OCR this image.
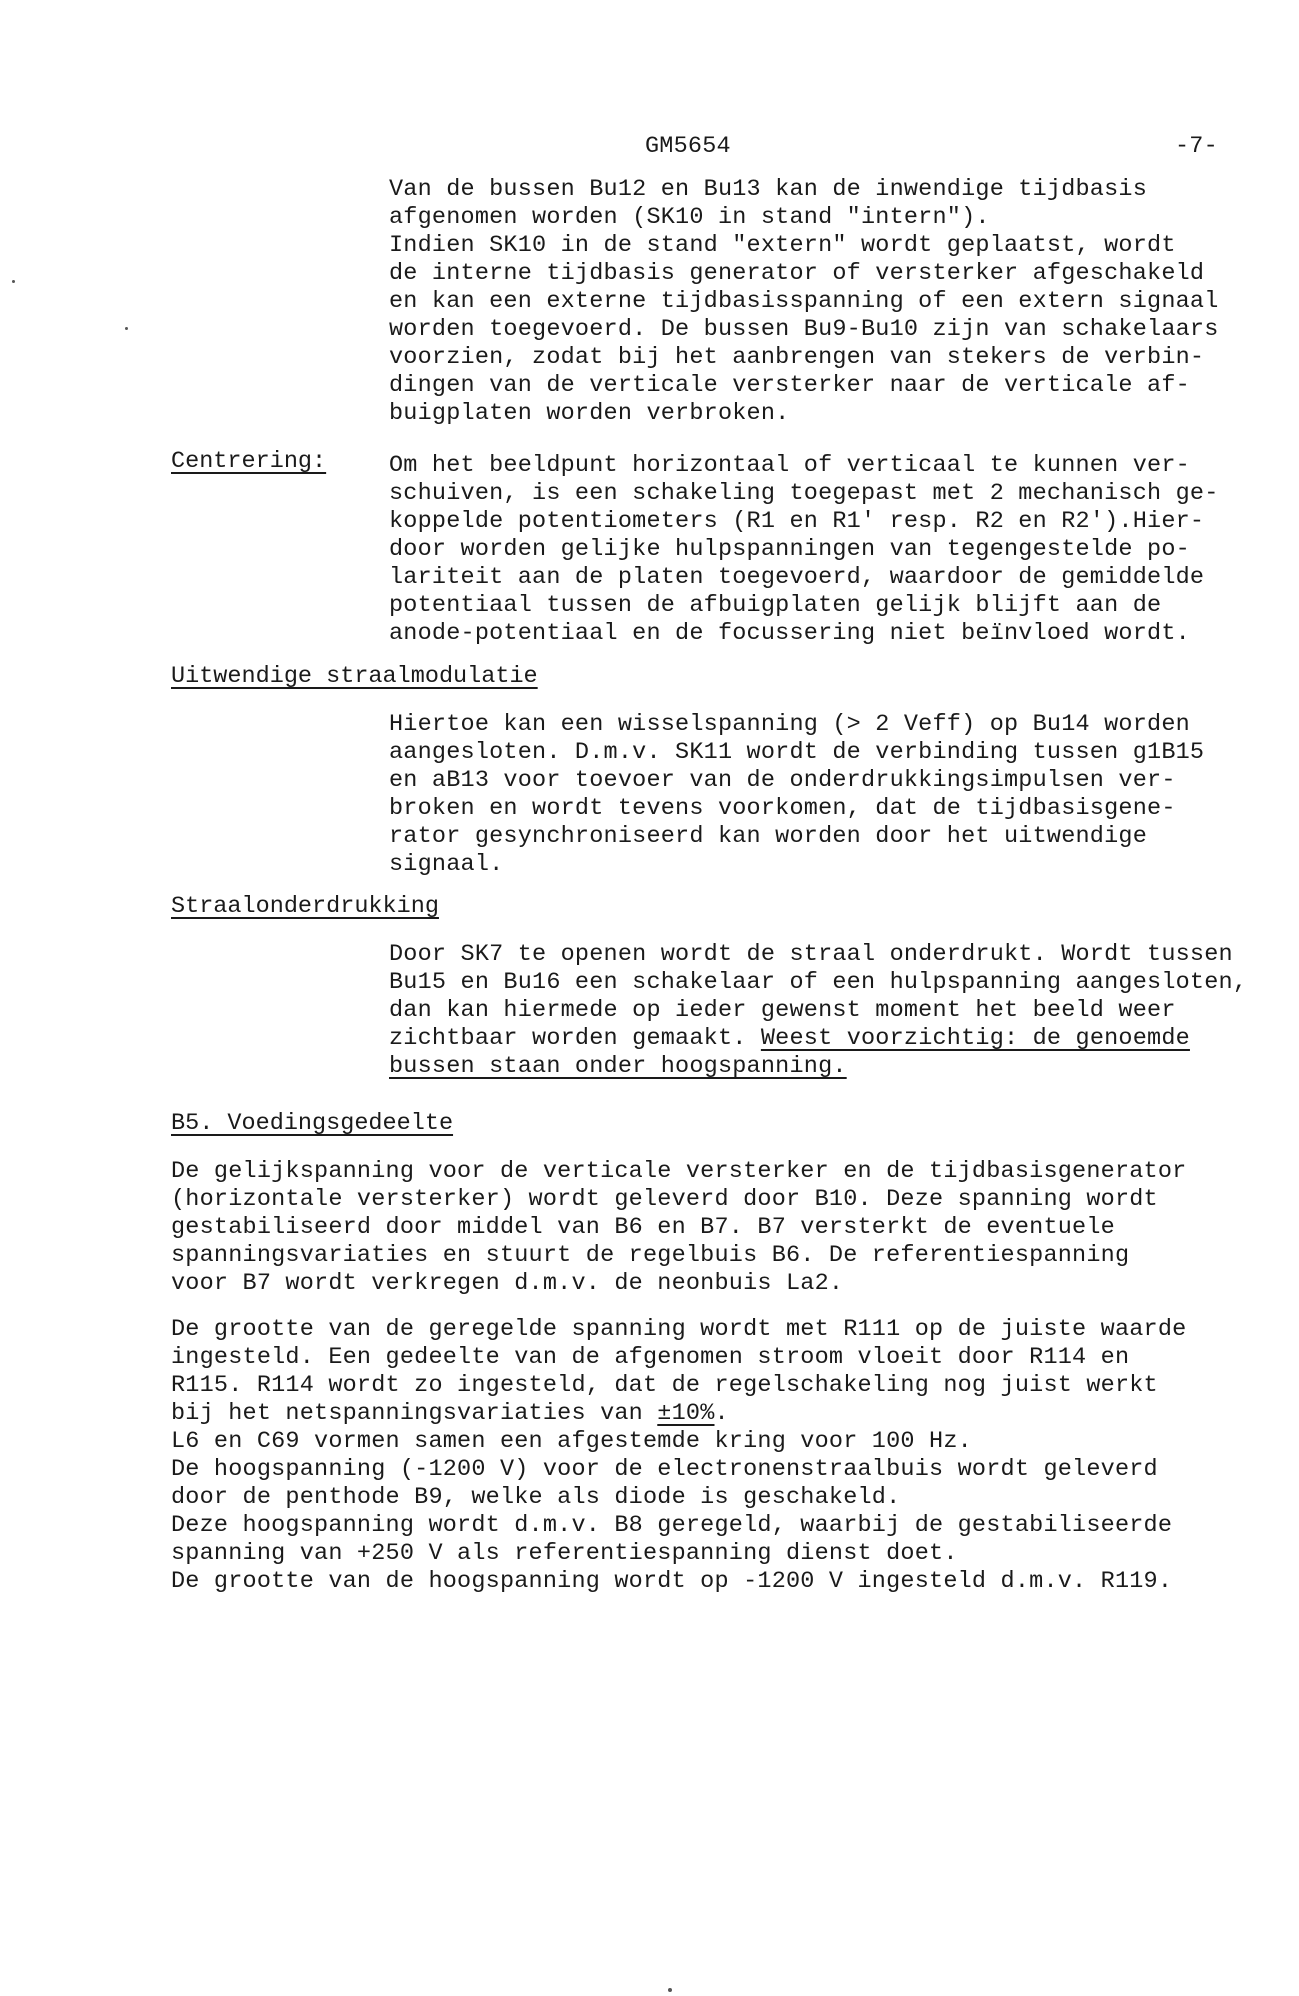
GM5654	-7-
Van de bussen Bu12 en Bu13 kan de inwendige tijdbasis
afgenomen worden (SK10 in stand "intern").
Indien SK10 in de stand "extern" wordt geplaatst, wordt
de interne tijdbasis generator of versterker afgeschakeld
en kan een externe tijdbasisspanning of een extern signaal
worden toegevoerd. De bussen Bu9-Bu10 zijn van schakelaars
voorzien, zodat bij het aanbrengen van stekers de verbin-
dingen van de verticale versterker naar de verticale af-
buigplaten worden verbroken.
Centrering:	Om het beeldpunt horizontaal of verticaal te kunnen ver-
schuiven, is een schakeling toegepast met 2 mechanisch ge-
koppelde potentiometers (R1 en R1' resp. R2 en R2').Hier-
door worden gelijke hulpspanningen van tegengestelde po-
lariteit aan de platen toegevoerd, waardoor de gemiddelde
potentiaal tussen de afbuigplaten gelijk blijft aan de
anode-potentiaal en de focussering niet beïnvloed wordt.
Uitwendige straalmodulatie
Hiertoe kan een wisselspanning (> 2 Veff) op Bu14 worden
aangesloten. D.m.v. SK11 wordt de verbinding tussen g1B15
en aB13 voor toevoer van de onderdrukkingsimpulsen ver-
broken en wordt tevens voorkomen, dat de tijdbasisgene-
rator gesynchroniseerd kan worden door het uitwendige
signaal.
Straalonderdrukking
Door SK7 te openen wordt de straal onderdrukt. Wordt tussen
Bu15 en Bu16 een schakelaar of een hulpspanning aangesloten,
dan kan hiermede op ieder gewenst moment het beeld weer
zichtbaar worden gemaakt. Weest voorzichtig: de genoemde
bussen staan onder hoogspanning.
B5. Voedingsgedeelte
De gelijkspanning voor de verticale versterker en de tijdbasisgenerator
(horizontale versterker) wordt geleverd door B10. Deze spanning wordt
gestabiliseerd door middel van B6 en B7. B7 versterkt de eventuele
spanningsvariaties en stuurt de regelbuis B6. De referentiespanning
voor B7 wordt verkregen d.m.v. de neonbuis La2.
De grootte van de geregelde spanning wordt met R111 op de juiste waarde
ingesteld. Een gedeelte van de afgenomen stroom vloeit door R114 en
R115. R114 wordt zo ingesteld, dat de regelschakeling nog juist werkt
bij het netspanningsvariaties van ±10%.
L6 en C69 vormen samen een afgestemde kring voor 100 Hz.
De hoogspanning (-1200 V) voor de electronenstraalbuis wordt geleverd
door de penthode B9, welke als diode is geschakeld.
Deze hoogspanning wordt d.m.v. B8 geregeld, waarbij de gestabiliseerde
spanning van +250 V als referentiespanning dienst doet.
De grootte van de hoogspanning wordt op -1200 V ingesteld d.m.v. R119.
